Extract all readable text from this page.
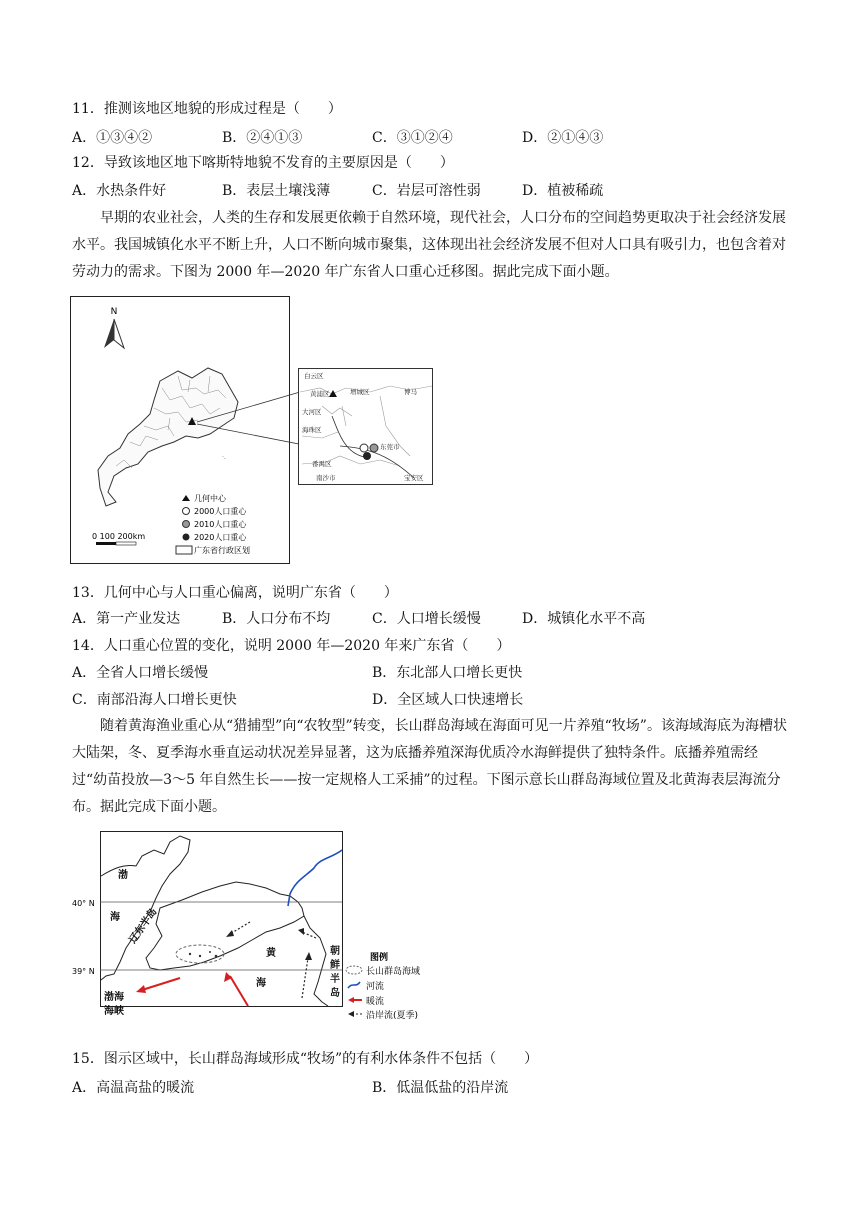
11．推测该地区地貌的形成过程是（　　）
A．①③④②	B．②④①③	C．③①②④	D．②①④③
12．导致该地区地下喀斯特地貌不发育的主要原因是（　　）
A．水热条件好	B．表层土壤浅薄	C．岩层可溶性弱	D．植被稀疏
早期的农业社会，人类的生存和发展更依赖于自然环境，现代社会，人口分布的空间趋势更取决于社会经济发展水平。我国城镇化水平不断上升，人口不断向城市聚集，这体现出社会经济发展不但对人口具有吸引力，也包含着对劳动力的需求。下图为 2000 年—2020 年广东省人口重心迁移图。据此完成下面小题。
N
·.
几何中心
2000人口重心
2010人口重心
2020人口重心
广东省行政区划
0 100 200km
白云区
黄浦区	增城区	博马
大河区
海珠区
东莞市
番禺区
南沙市	宝安区
13．几何中心与人口重心偏离，说明广东省（　　）
A．第一产业发达	B．人口分布不均	C．人口增长缓慢	D．城镇化水平不高
14．人口重心位置的变化，说明 2000 年—2020 年来广东省（　　）
A．全省人口增长缓慢	B．东北部人口增长更快
C．南部沿海人口增长更快	D．全区域人口快速增长
随着黄海渔业重心从“猎捕型”向“农牧型”转变，长山群岛海域在海面可见一片养殖“牧场”。该海域海底为海槽状大陆架，冬、夏季海水垂直运动状况差异显著，这为底播养殖深海优质冷水海鲜提供了独特条件。底播养殖需经过“幼苗投放—3～5 年自然生长——按一定规格人工采捕”的过程。下图示意长山群岛海域位置及北黄海表层海流分布。据此完成下面小题。
渤
海 辽东半岛
黄
海
渤海
海峡
朝
鲜
半
岛
40° N
39° N
图例
长山群岛海域
河流
暖流
沿岸流(夏季)
15．图示区域中，长山群岛海域形成“牧场”的有利水体条件不包括（　　）
A．高温高盐的暖流	B．低温低盐的沿岸流
